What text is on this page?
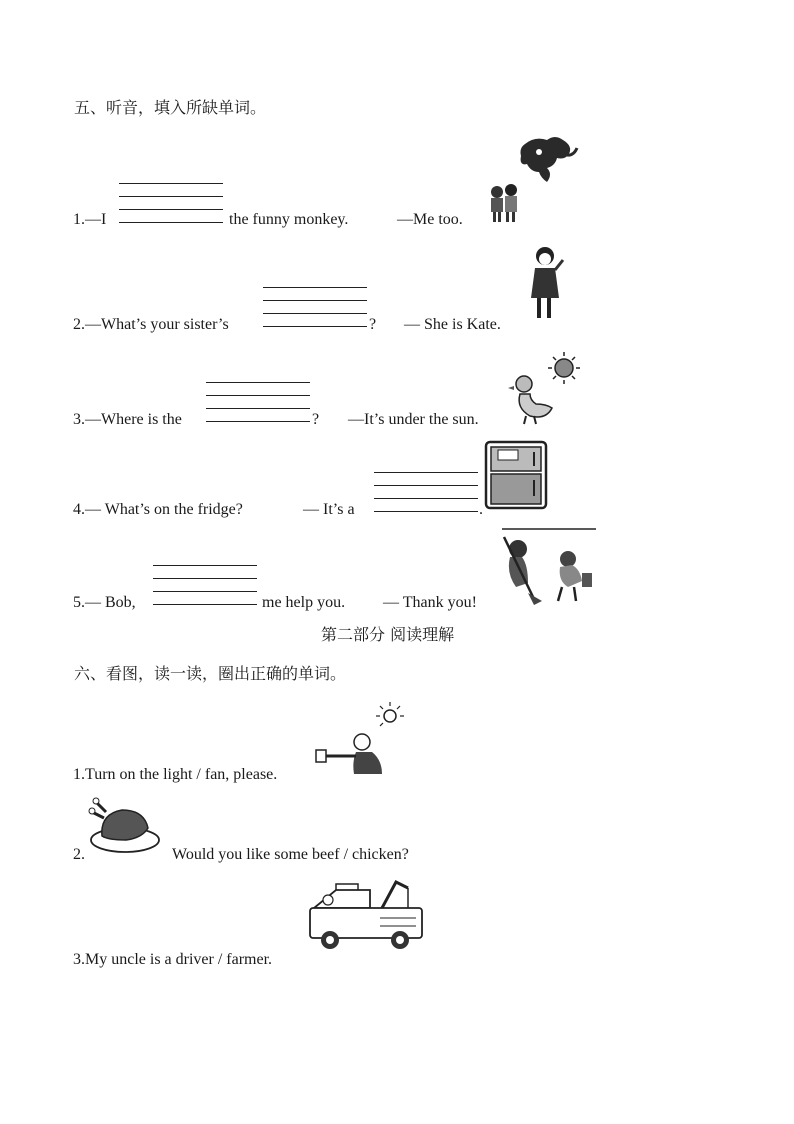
五、听音，填入所缺单词。
1.—I	the funny monkey.	—Me too.
2.—What’s your sister’s	? — She is Kate.
3.—Where is the	? —It’s under the sun.
4.— What’s on the fridge?	— It’s a	.
5.— Bob,	me help you. — Thank you!
第二部分 阅读理解
六、看图，读一读，圈出正确的单词。
1.Turn on the light / fan, please.
2.	Would you like some beef / chicken?
3.My uncle is a driver / farmer.
